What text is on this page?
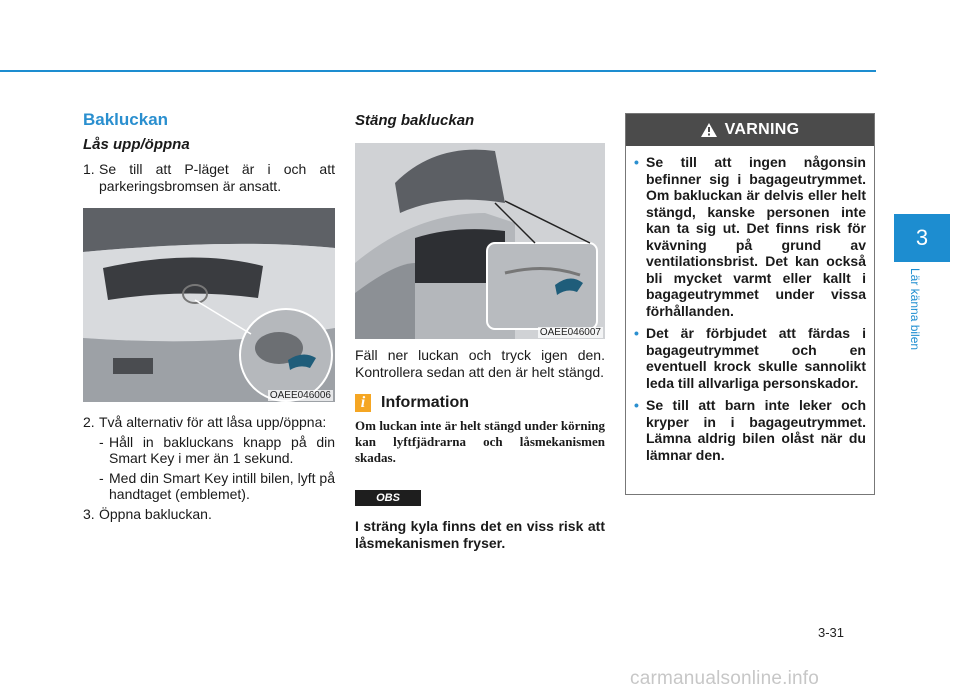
Bakluckan
Lås upp/öppna
1. Se till att P-läget är i och att parkeringsbromsen är ansatt.
OAEE046006
2. Två alternativ för att låsa upp/öppna:
- Håll in bakluckans knapp på din Smart Key i mer än 1 sekund.
- Med din Smart Key intill bilen, lyft på handtaget (emblemet).
3. Öppna bakluckan.
Stäng bakluckan
OAEE046007

Fäll ner luckan och tryck igen den. Kontrollera sedan att den är helt stängd.

i Information

Om luckan inte är helt stängd under körning kan lyftfjädrarna och låsmekanismen skadas.

OBS

I sträng kyla finns det en viss risk att låsmekanismen fryser.

VARNING
• Se till att ingen någonsin befinner sig i bagageutrymmet. Om bakluckan är delvis eller helt stängd, kanske personen inte kan ta sig ut. Det finns risk för kvävning på grund av ventilationsbrist. Det kan också bli mycket varmt eller kallt i bagageutrymmet under vissa förhållanden.
• Det är förbjudet att färdas i bagageutrymmet och en eventuell krock skulle sannolikt leda till allvarliga personskador.
• Se till att barn inte leker och kryper in i bagageutrymmet. Lämna aldrig bilen olåst när du lämnar den.
3
Lär känna bilen
3-31
carmanualsonline.info
